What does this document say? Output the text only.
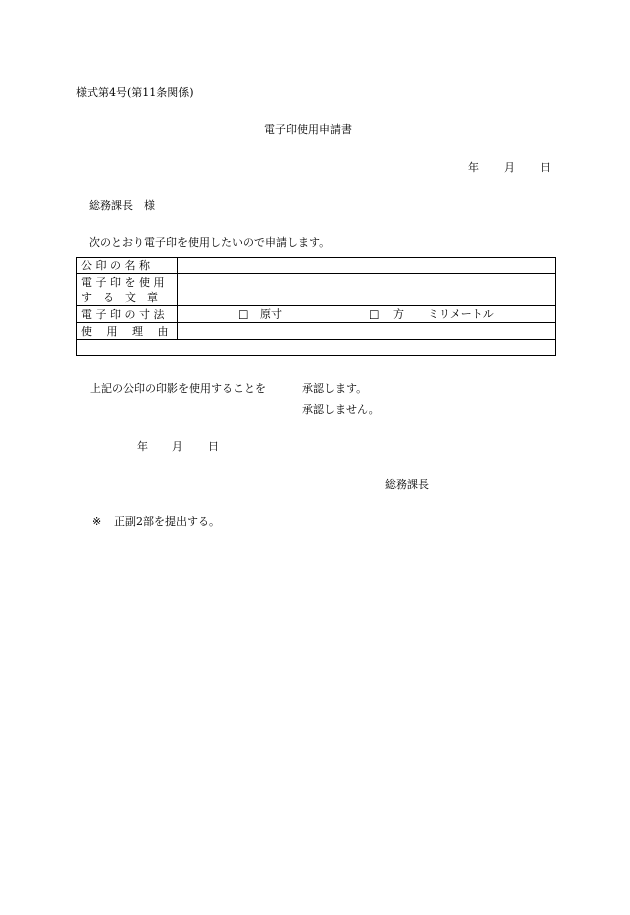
様式第4号(第11条関係)
電子印使用申請書
年 月 日
総務課長　様
次のとおり電子印を使用したいので申請します。
公 印 の 名 称	

電 子 印 を 使 用
す　る　文　章	

電 子 印 の 寸 法	□ 原寸 □ 方 ミリメートル

使　 用　 理　 由	

上記の公印の印影を使用することを	承認します。
承認しません。
年 月 日
総務課長
※ 正副2部を提出する。
